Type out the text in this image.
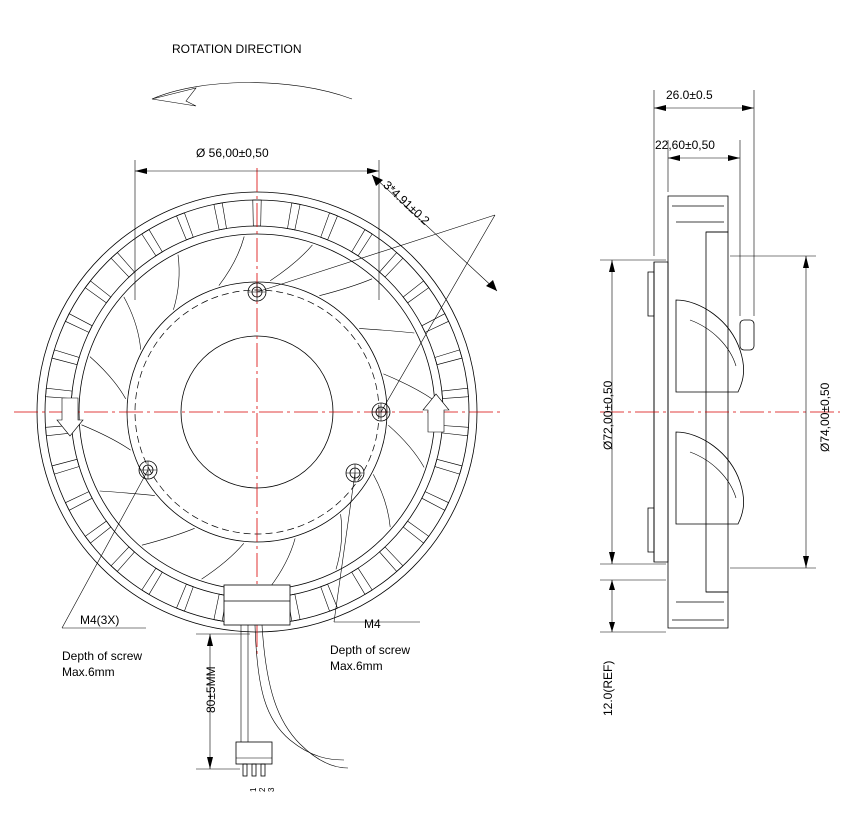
ROTATION DIRECTION
Ø 56,00±0,50
3*4.91±0.2
M4(3X)
Depth of screw
Max.6mm
M4
Depth of screw
Max.6mm
80±5MM
1 2 3
26.0±0.5
22,60±0,50
Ø72,00±0,50	Ø74,00±0,50
12.0(REF)
